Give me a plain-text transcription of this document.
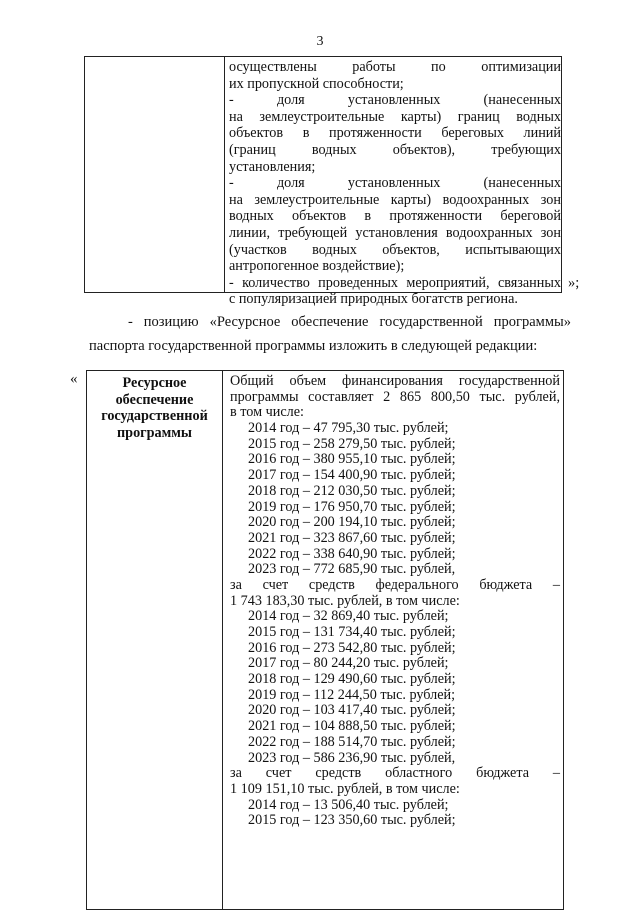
3
осуществлены работы по оптимизации
их пропускной способности;
- доля установленных (нанесенных
на землеустроительные карты) границ водных
объектов в протяженности береговых линий
(границ водных объектов), требующих
установления;
- доля установленных (нанесенных
на землеустроительные карты) водоохранных зон
водных объектов в протяженности береговой
линии, требующей установления водоохранных зон
(участков водных объектов, испытывающих
антропогенное воздействие);
- количество проведенных мероприятий, связанных
с популяризацией природных богатств региона.
»;
- позицию «Ресурсное обеспечение государственной программы»
паспорта государственной программы изложить в следующей редакции:
«	Ресурсное
обеспечение
государственной
программы
Общий объем финансирования государственной
программы составляет 2 865 800,50 тыс. рублей,
в том числе:
2014 год – 47 795,30 тыс. рублей;
2015 год – 258 279,50 тыс. рублей;
2016 год – 380 955,10 тыс. рублей;
2017 год – 154 400,90 тыс. рублей;
2018 год – 212 030,50 тыс. рублей;
2019 год – 176 950,70 тыс. рублей;
2020 год – 200 194,10 тыс. рублей;
2021 год – 323 867,60 тыс. рублей;
2022 год – 338 640,90 тыс. рублей;
2023 год – 772 685,90 тыс. рублей,
за счет средств федерального бюджета –
1 743 183,30 тыс. рублей, в том числе:
2014 год – 32 869,40 тыс. рублей;
2015 год – 131 734,40 тыс. рублей;
2016 год – 273 542,80 тыс. рублей;
2017 год – 80 244,20 тыс. рублей;
2018 год – 129 490,60 тыс. рублей;
2019 год – 112 244,50 тыс. рублей;
2020 год – 103 417,40 тыс. рублей;
2021 год – 104 888,50 тыс. рублей;
2022 год – 188 514,70 тыс. рублей;
2023 год – 586 236,90 тыс. рублей,
за счет средств областного бюджета –
1 109 151,10 тыс. рублей, в том числе:
2014 год – 13 506,40 тыс. рублей;
2015 год – 123 350,60 тыс. рублей;
